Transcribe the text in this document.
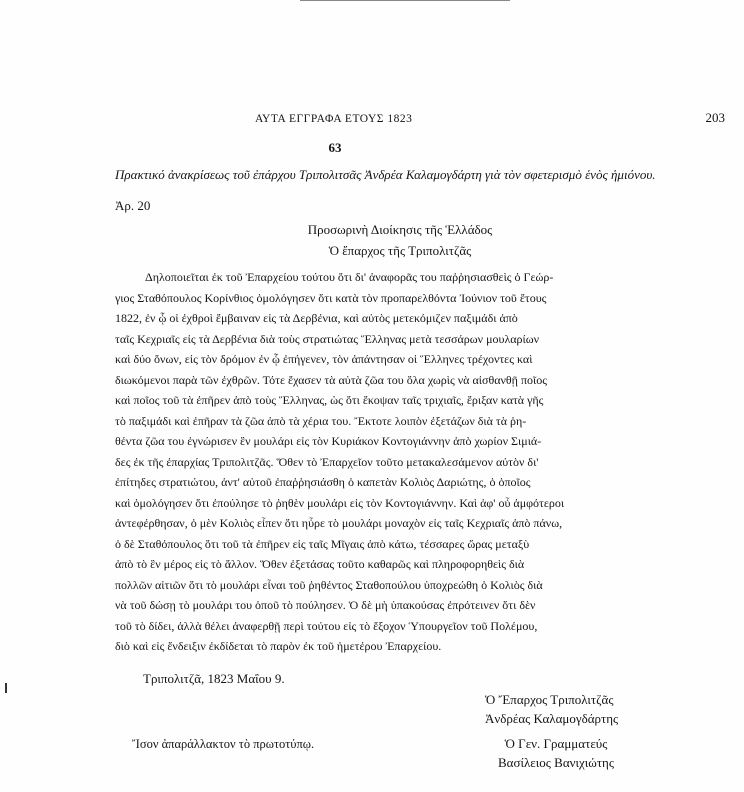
ΑΥΤΑ ΕΓΓΡΑΦΑ ΕΤΟΥΣ 1823	203
63
Πρακτικό ἀνακρίσεως τοῦ ἐπάρχου Τριπολιτσᾶς Ἀνδρέα Καλαμογδάρτη γιὰ τὸν σφετερισμὸ ἑνὸς ἡμιόνου.
Ἀρ. 20
Προσωρινὴ Διοίκησις τῆς Ἑλλάδος
Ὁ ἔπαρχος τῆς Τριπολιτζᾶς
Δηλοποιεῖται ἐκ τοῦ Ἐπαρχείου τούτου ὅτι δι' ἀναφορᾶς του παῤῥησιασθεὶς ὁ Γεώρ-
γιος Σταθόπουλος Κορίνθιος ὁμολόγησεν ὅτι κατὰ τὸν προπαρελθόντα Ἰούνιον τοῦ ἔτους
1822, ἐν ᾧ οἱ ἐχθροὶ ἔμβαιναν εἰς τὰ Δερβένια, καὶ αὐτὸς μετεκόμιζεν παξιμάδι ἀπὸ
ταῖς Κεχριαῖς εἰς τὰ Δερβένια διὰ τοὺς στρατιώτας Ἕλληνας μετὰ τεσσάρων μουλαρίων
καὶ δύο ὄνων, εἰς τὸν δρόμον ἐν ᾧ ἐπήγενεν, τὸν ἀπάντησαν οἱ Ἕλληνες τρέχοντες καὶ
διωκόμενοι παρὰ τῶν ἐχθρῶν. Τότε ἔχασεν τὰ αὐτὰ ζῶα του ὅλα χωρὶς νὰ αἰσθανθῇ ποῖος
καὶ ποῖος τοῦ τὰ ἐπῆρεν ἀπὸ τοὺς Ἕλληνας, ὡς ὅτι ἔκοψαν ταῖς τριχιαῖς, ἔριξαν κατὰ γῆς
τὸ παξιμάδι καὶ ἐπῆραν τὰ ζῶα ἀπὸ τὰ χέρια του. Ἔκτοτε λοιπὸν ἐξετάζων διὰ τὰ ῥη-
θέντα ζῶα του ἐγνώρισεν ἓν μουλάρι εἰς τὸν Κυριάκον Κοντογιάννην ἀπὸ χωρίον Σιμιά-
δες ἐκ τῆς ἐπαρχίας Τριπολιτζᾶς. Ὅθεν τὸ Ἐπαρχεῖον τοῦτο μετακαλεσάμενον αὐτὸν δι'
ἐπίτηδες στρατιώτου, ἀντ' αὐτοῦ ἐπαῤῥησιάσθη ὁ καπετὰν Κολιὸς Δαριώτης, ὁ ὁποῖος
καὶ ὁμολόγησεν ὅτι ἐπούλησε τὸ ῥηθὲν μουλάρι εἰς τὸν Κοντογιάννην. Καὶ ἀφ' οὗ ἀμφότεροι
ἀντεφέρθησαν, ὁ μὲν Κολιὸς εἶπεν ὅτι ηὗρε τὸ μουλάρι μοναχὸν εἰς ταῖς Κεχριαῖς ἀπὸ πάνω,
ὁ δὲ Σταθόπουλος ὅτι τοῦ τὰ ἐπῆρεν εἰς ταῖς Μῖγαις ἀπὸ κάτω, τέσσαρες ὥρας μεταξὺ
ἀπὸ τὸ ἓν μέρος εἰς τὸ ἄλλον. Ὅθεν ἐξετάσας τοῦτο καθαρῶς καὶ πληροφορηθεὶς διὰ
πολλῶν αἰτιῶν ὅτι τὸ μουλάρι εἶναι τοῦ ῥηθέντος Σταθοπούλου ὑποχρεώθη ὁ Κολιὸς διὰ
νὰ τοῦ δώσῃ τὸ μουλάρι του ὁποῦ τὸ πούλησεν. Ὁ δὲ μὴ ὑπακούσας ἐπρότεινεν ὅτι δὲν
τοῦ τὸ δίδει, ἀλλὰ θέλει ἀναφερθῇ περὶ τούτου εἰς τὸ ἔξοχον Ὑπουργεῖον τοῦ Πολέμου,
διὸ καὶ εἰς ἔνδειξιν ἐκδίδεται τὸ παρὸν ἐκ τοῦ ἡμετέρου Ἐπαρχείου.
Τριπολιτζᾶ, 1823 Μαΐου 9.
Ἴσον ἀπαράλλακτον τὸ πρωτοτύπῳ.
Ὁ Ἔπαρχος Τριπολιτζᾶς
Ἀνδρέας Καλαμογδάρτης
Ὁ Γεν. Γραμματεύς
Βασίλειος Βανιχιώτης
